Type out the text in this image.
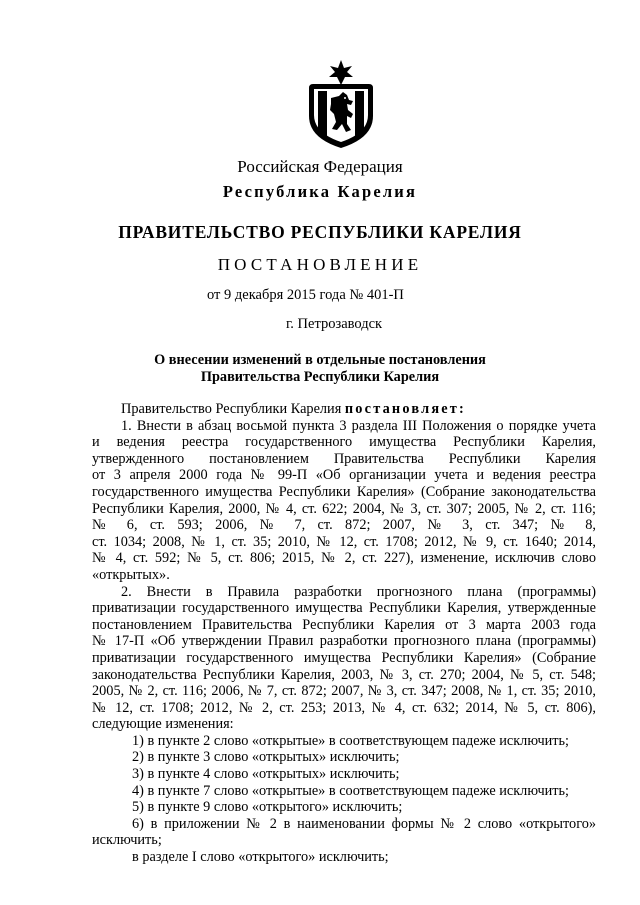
Российская Федерация
Республика Карелия
ПРАВИТЕЛЬСТВО РЕСПУБЛИКИ КАРЕЛИЯ
ПОСТАНОВЛЕНИЕ
от 9 декабря 2015 года № 401-П
г. Петрозаводск
О внесении изменений в отдельные постановления
Правительства Республики Карелия
Правительство Республики Карелия постановляет:
1. Внести в абзац восьмой пункта 3 раздела III Положения о порядке учета
и ведения реестра государственного имущества Республики Карелия,
утвержденного постановлением Правительства Республики Карелия
от 3 апреля 2000 года № 99-П «Об организации учета и ведения реестра
государственного имущества Республики Карелия» (Собрание законодательства
Республики Карелия, 2000, № 4, ст. 622; 2004, № 3, ст. 307; 2005, № 2, ст. 116;
№ 6, ст. 593; 2006, № 7, ст. 872; 2007, № 3, ст. 347; № 8,
ст. 1034; 2008, № 1, ст. 35; 2010, № 12, ст. 1708; 2012, № 9, ст. 1640; 2014,
№ 4, ст. 592; № 5, ст. 806; 2015, № 2, ст. 227), изменение, исключив слово
«открытых».
2. Внести в Правила разработки прогнозного плана (программы)
приватизации государственного имущества Республики Карелия, утвержденные
постановлением Правительства Республики Карелия от 3 марта 2003 года
№ 17-П «Об утверждении Правил разработки прогнозного плана (программы)
приватизации государственного имущества Республики Карелия» (Собрание
законодательства Республики Карелия, 2003, № 3, ст. 270; 2004, № 5, ст. 548;
2005, № 2, ст. 116; 2006, № 7, ст. 872; 2007, № 3, ст. 347; 2008, № 1, ст. 35; 2010,
№ 12, ст. 1708; 2012, № 2, ст. 253; 2013, № 4, ст. 632; 2014, № 5, ст. 806),
следующие изменения:
1) в пункте 2 слово «открытые» в соответствующем падеже исключить;
2) в пункте 3 слово «открытых» исключить;
3) в пункте 4 слово «открытых» исключить;
4) в пункте 7 слово «открытые» в соответствующем падеже исключить;
5) в пункте 9 слово «открытого» исключить;
6) в приложении № 2 в наименовании формы № 2 слово «открытого»
исключить;
в разделе I слово «открытого» исключить;
